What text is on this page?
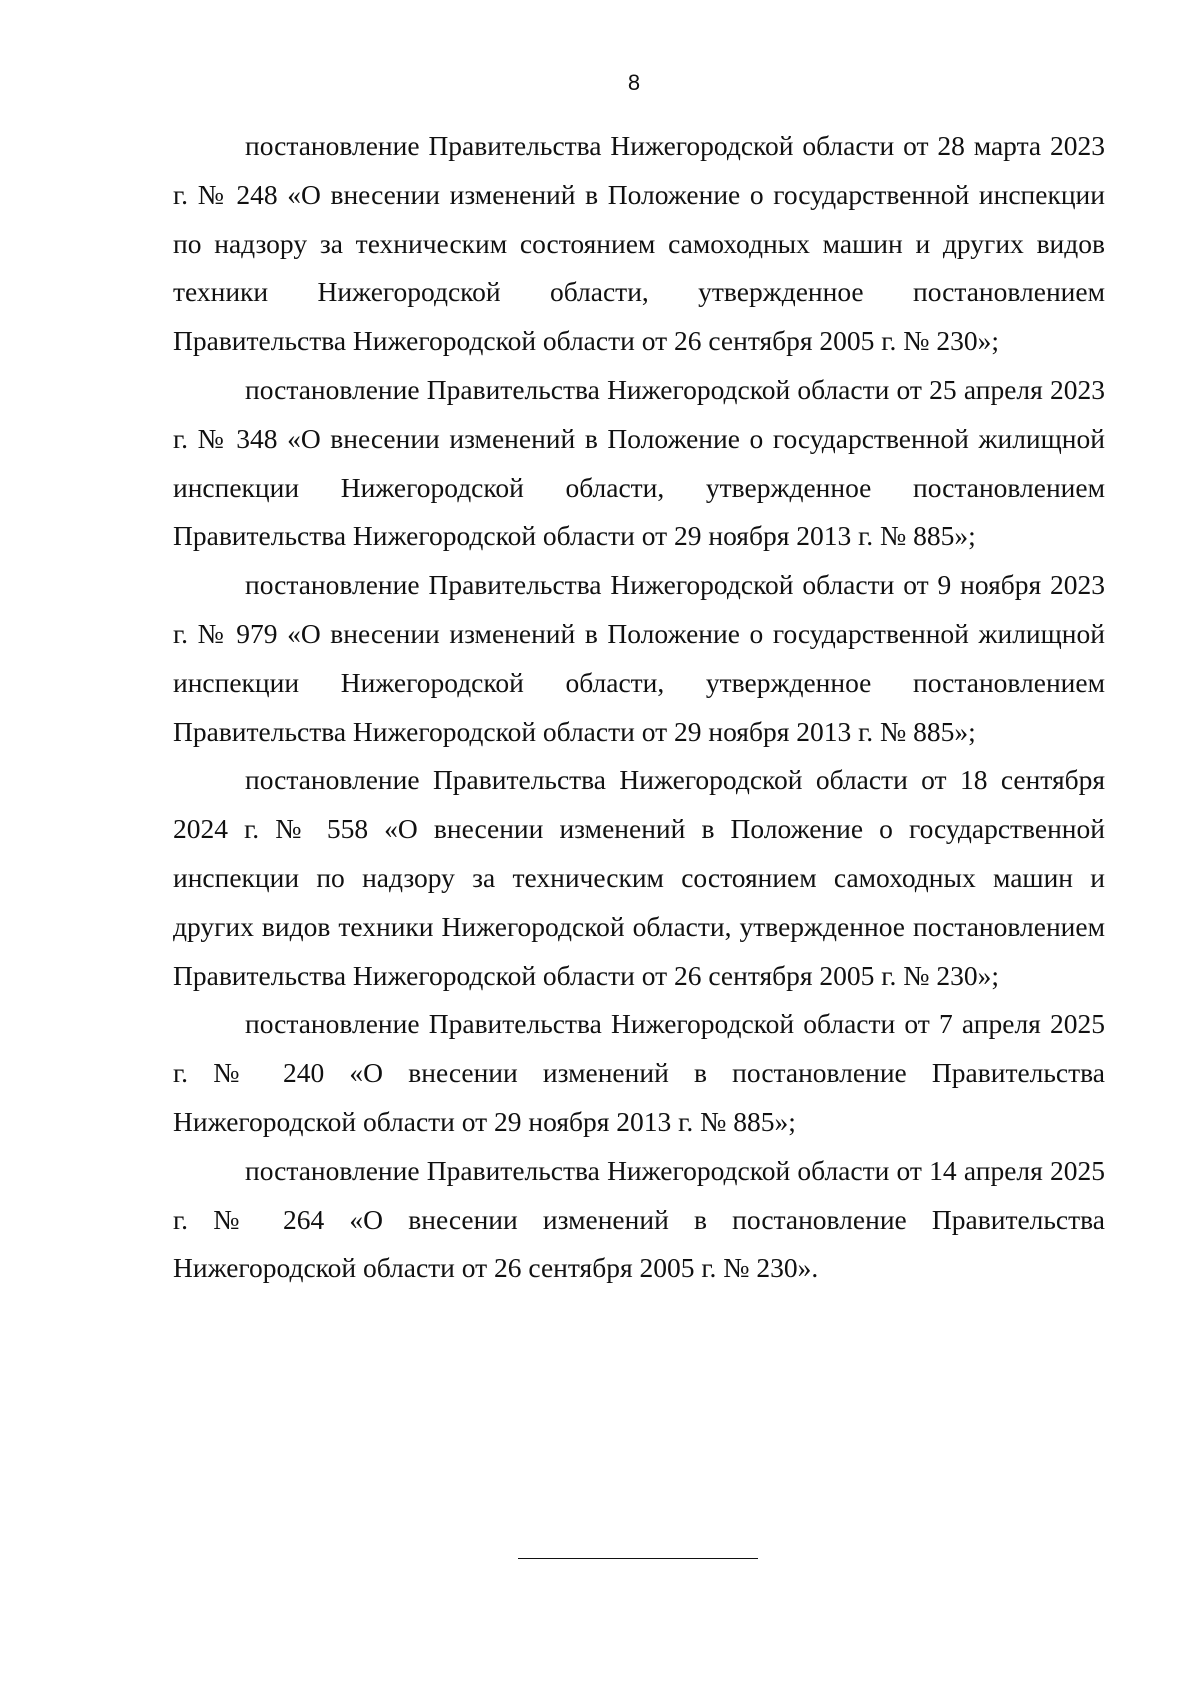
8

постановление Правительства Нижегородской области от 28 марта 2023 г. № 248 «О внесении изменений в Положение о государственной инспекции по надзору за техническим состоянием самоходных машин и других видов техники Нижегородской области, утвержденное постановлением Правительства Нижегородской области от 26 сентября 2005 г. № 230»;

постановление Правительства Нижегородской области от 25 апреля 2023 г. № 348 «О внесении изменений в Положение о государственной жилищной инспекции Нижегородской области, утвержденное постановлением Правительства Нижегородской области от 29 ноября 2013 г. № 885»;

постановление Правительства Нижегородской области от 9 ноября 2023 г. № 979 «О внесении изменений в Положение о государственной жилищной инспекции Нижегородской области, утвержденное постановлением Правительства Нижегородской области от 29 ноября 2013 г. № 885»;

постановление Правительства Нижегородской области от 18 сентября 2024 г. № 558 «О внесении изменений в Положение о государственной инспекции по надзору за техническим состоянием самоходных машин и других видов техники Нижегородской области, утвержденное постановлением Правительства Нижегородской области от 26 сентября 2005 г. № 230»;

постановление Правительства Нижегородской области от 7 апреля 2025 г. № 240 «О внесении изменений в постановление Правительства Нижегородской области от 29 ноября 2013 г. № 885»;

постановление Правительства Нижегородской области от 14 апреля 2025 г. № 264 «О внесении изменений в постановление Правительства Нижегородской области от 26 сентября 2005 г. № 230».
